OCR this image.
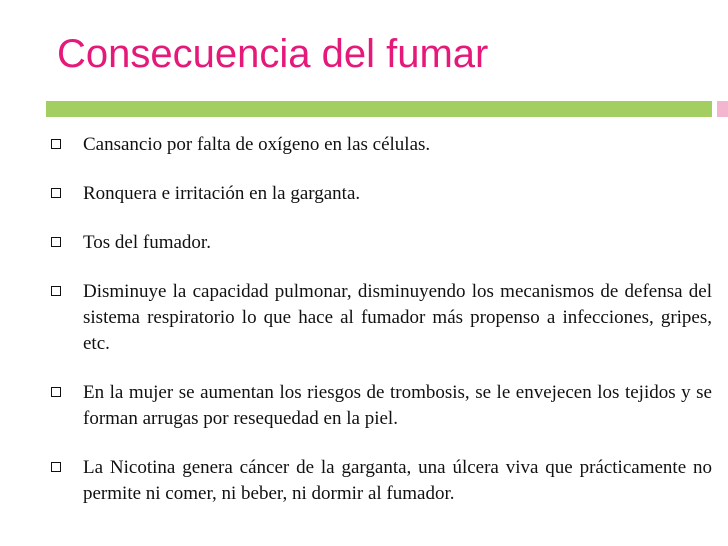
Consecuencia del fumar
Cansancio por falta de oxígeno en las células.
Ronquera e irritación en la garganta.
Tos del fumador.
Disminuye la capacidad pulmonar, disminuyendo los mecanismos de defensa del sistema respiratorio lo que hace al fumador más propenso a infecciones, gripes, etc.
En la mujer se aumentan los riesgos de trombosis, se le envejecen los tejidos y se forman arrugas por resequedad en la piel.
La Nicotina genera cáncer de la garganta, una úlcera viva que prácticamente no permite ni comer, ni beber, ni dormir al fumador.
